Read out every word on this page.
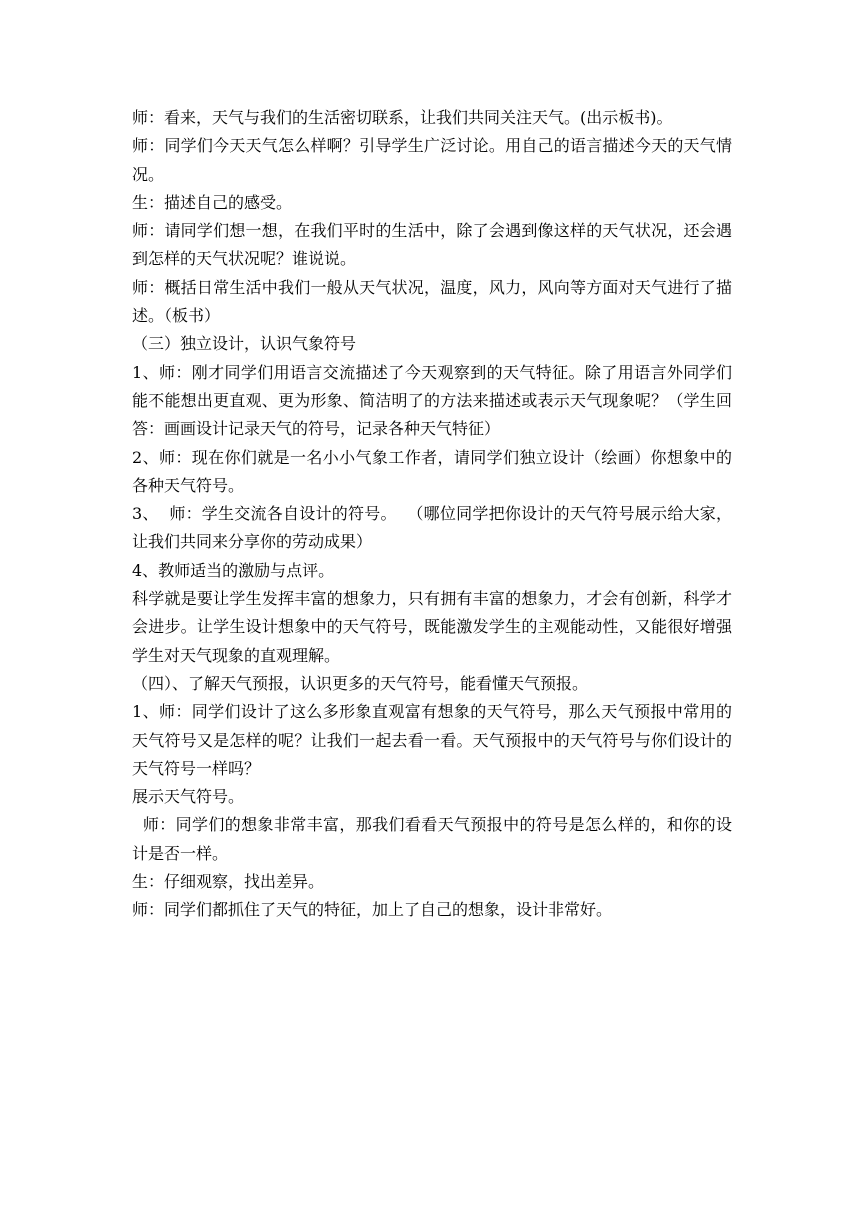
师：看来，天气与我们的生活密切联系，让我们共同关注天气。(出示板书)。

师：同学们今天天气怎么样啊？引导学生广泛讨论。用自己的语言描述今天的天气情况。

生：描述自己的感受。

师：请同学们想一想，在我们平时的生活中，除了会遇到像这样的天气状况，还会遇到怎样的天气状况呢？谁说说。

师：概括日常生活中我们一般从天气状况，温度，风力，风向等方面对天气进行了描述。（板书）

（三）独立设计，认识气象符号

1、师：刚才同学们用语言交流描述了今天观察到的天气特征。除了用语言外同学们能不能想出更直观、更为形象、简洁明了的方法来描述或表示天气现象呢？（学生回答：画画设计记录天气的符号，记录各种天气特征）

2、师：现在你们就是一名小小气象工作者，请同学们独立设计（绘画）你想象中的各种天气符号。

3、  师：学生交流各自设计的符号。  （哪位同学把你设计的天气符号展示给大家，让我们共同来分享你的劳动成果）

4、教师适当的激励与点评。

科学就是要让学生发挥丰富的想象力，只有拥有丰富的想象力，才会有创新，科学才会进步。让学生设计想象中的天气符号，既能激发学生的主观能动性，又能很好增强学生对天气现象的直观理解。

（四）、了解天气预报，认识更多的天气符号，能看懂天气预报。

1、师：同学们设计了这么多形象直观富有想象的天气符号，那么天气预报中常用的天气符号又是怎样的呢？让我们一起去看一看。天气预报中的天气符号与你们设计的天气符号一样吗？

展示天气符号。

师：同学们的想象非常丰富，那我们看看天气预报中的符号是怎么样的，和你的设计是否一样。

生：仔细观察，找出差异。

师：同学们都抓住了天气的特征，加上了自己的想象，设计非常好。
